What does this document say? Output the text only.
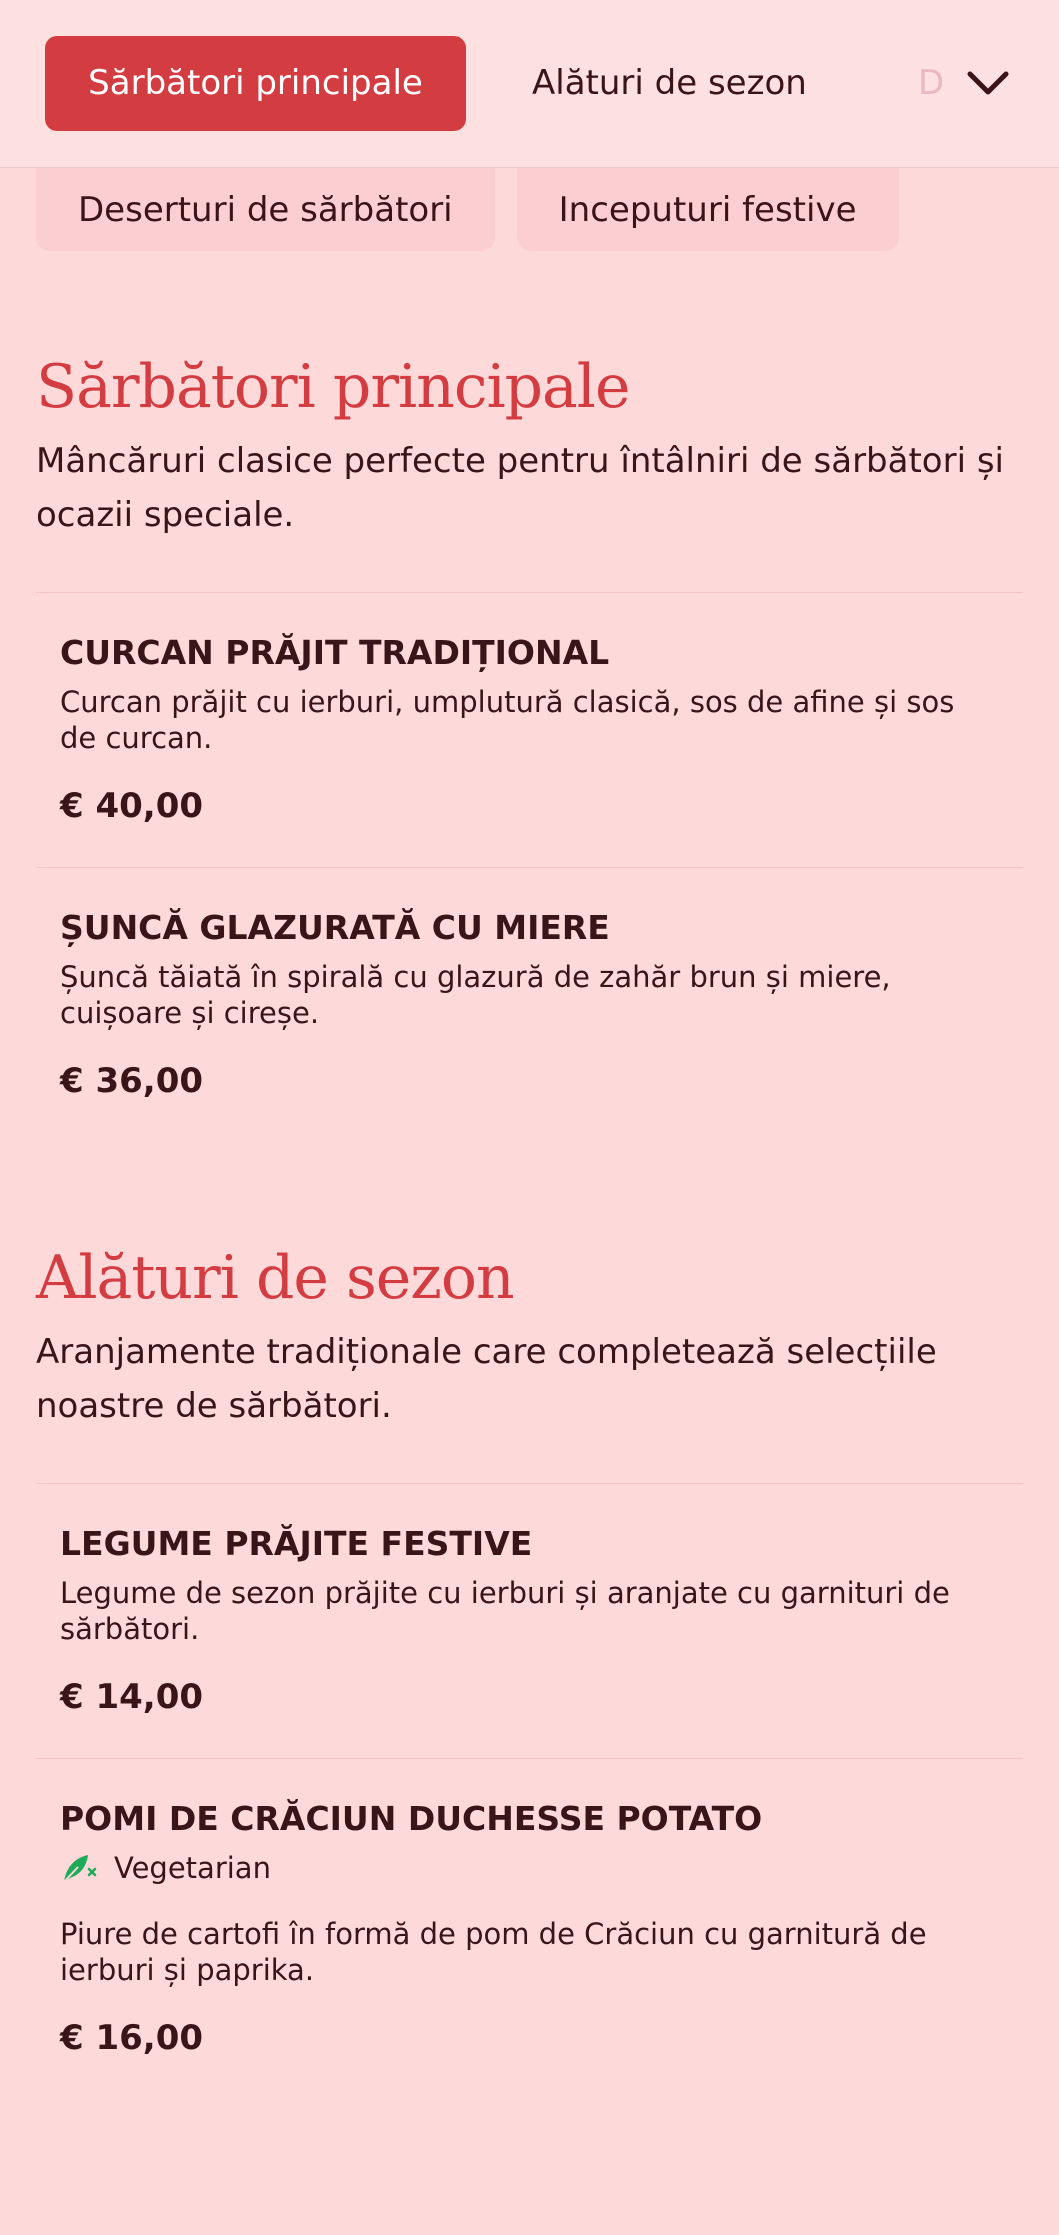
Sărbători principale	Alături de sezon	D
Deserturi de sărbători	Inceputuri festive
Sărbători principale

Mâncăruri clasice perfecte pentru întâlniri de sărbători și ocazii speciale.

CURCAN PRĂJIT TRADIȚIONAL

Curcan prăjit cu ierburi, umplutură clasică, sos de afine și sos de curcan.

€ 40,00
ȘUNCĂ GLAZURATĂ CU MIERE

Șuncă tăiată în spirală cu glazură de zahăr brun și miere, cuișoare și cireșe.

€ 36,00
Alături de sezon

Aranjamente tradiționale care completează selecțiile noastre de sărbători.

LEGUME PRĂJITE FESTIVE

Legume de sezon prăjite cu ierburi și aranjate cu garnituri de sărbători.

€ 14,00
POMI DE CRĂCIUN DUCHESSE POTATO
Vegetarian

Piure de cartofi în formă de pom de Crăciun cu garnitură de ierburi și paprika.

€ 16,00
